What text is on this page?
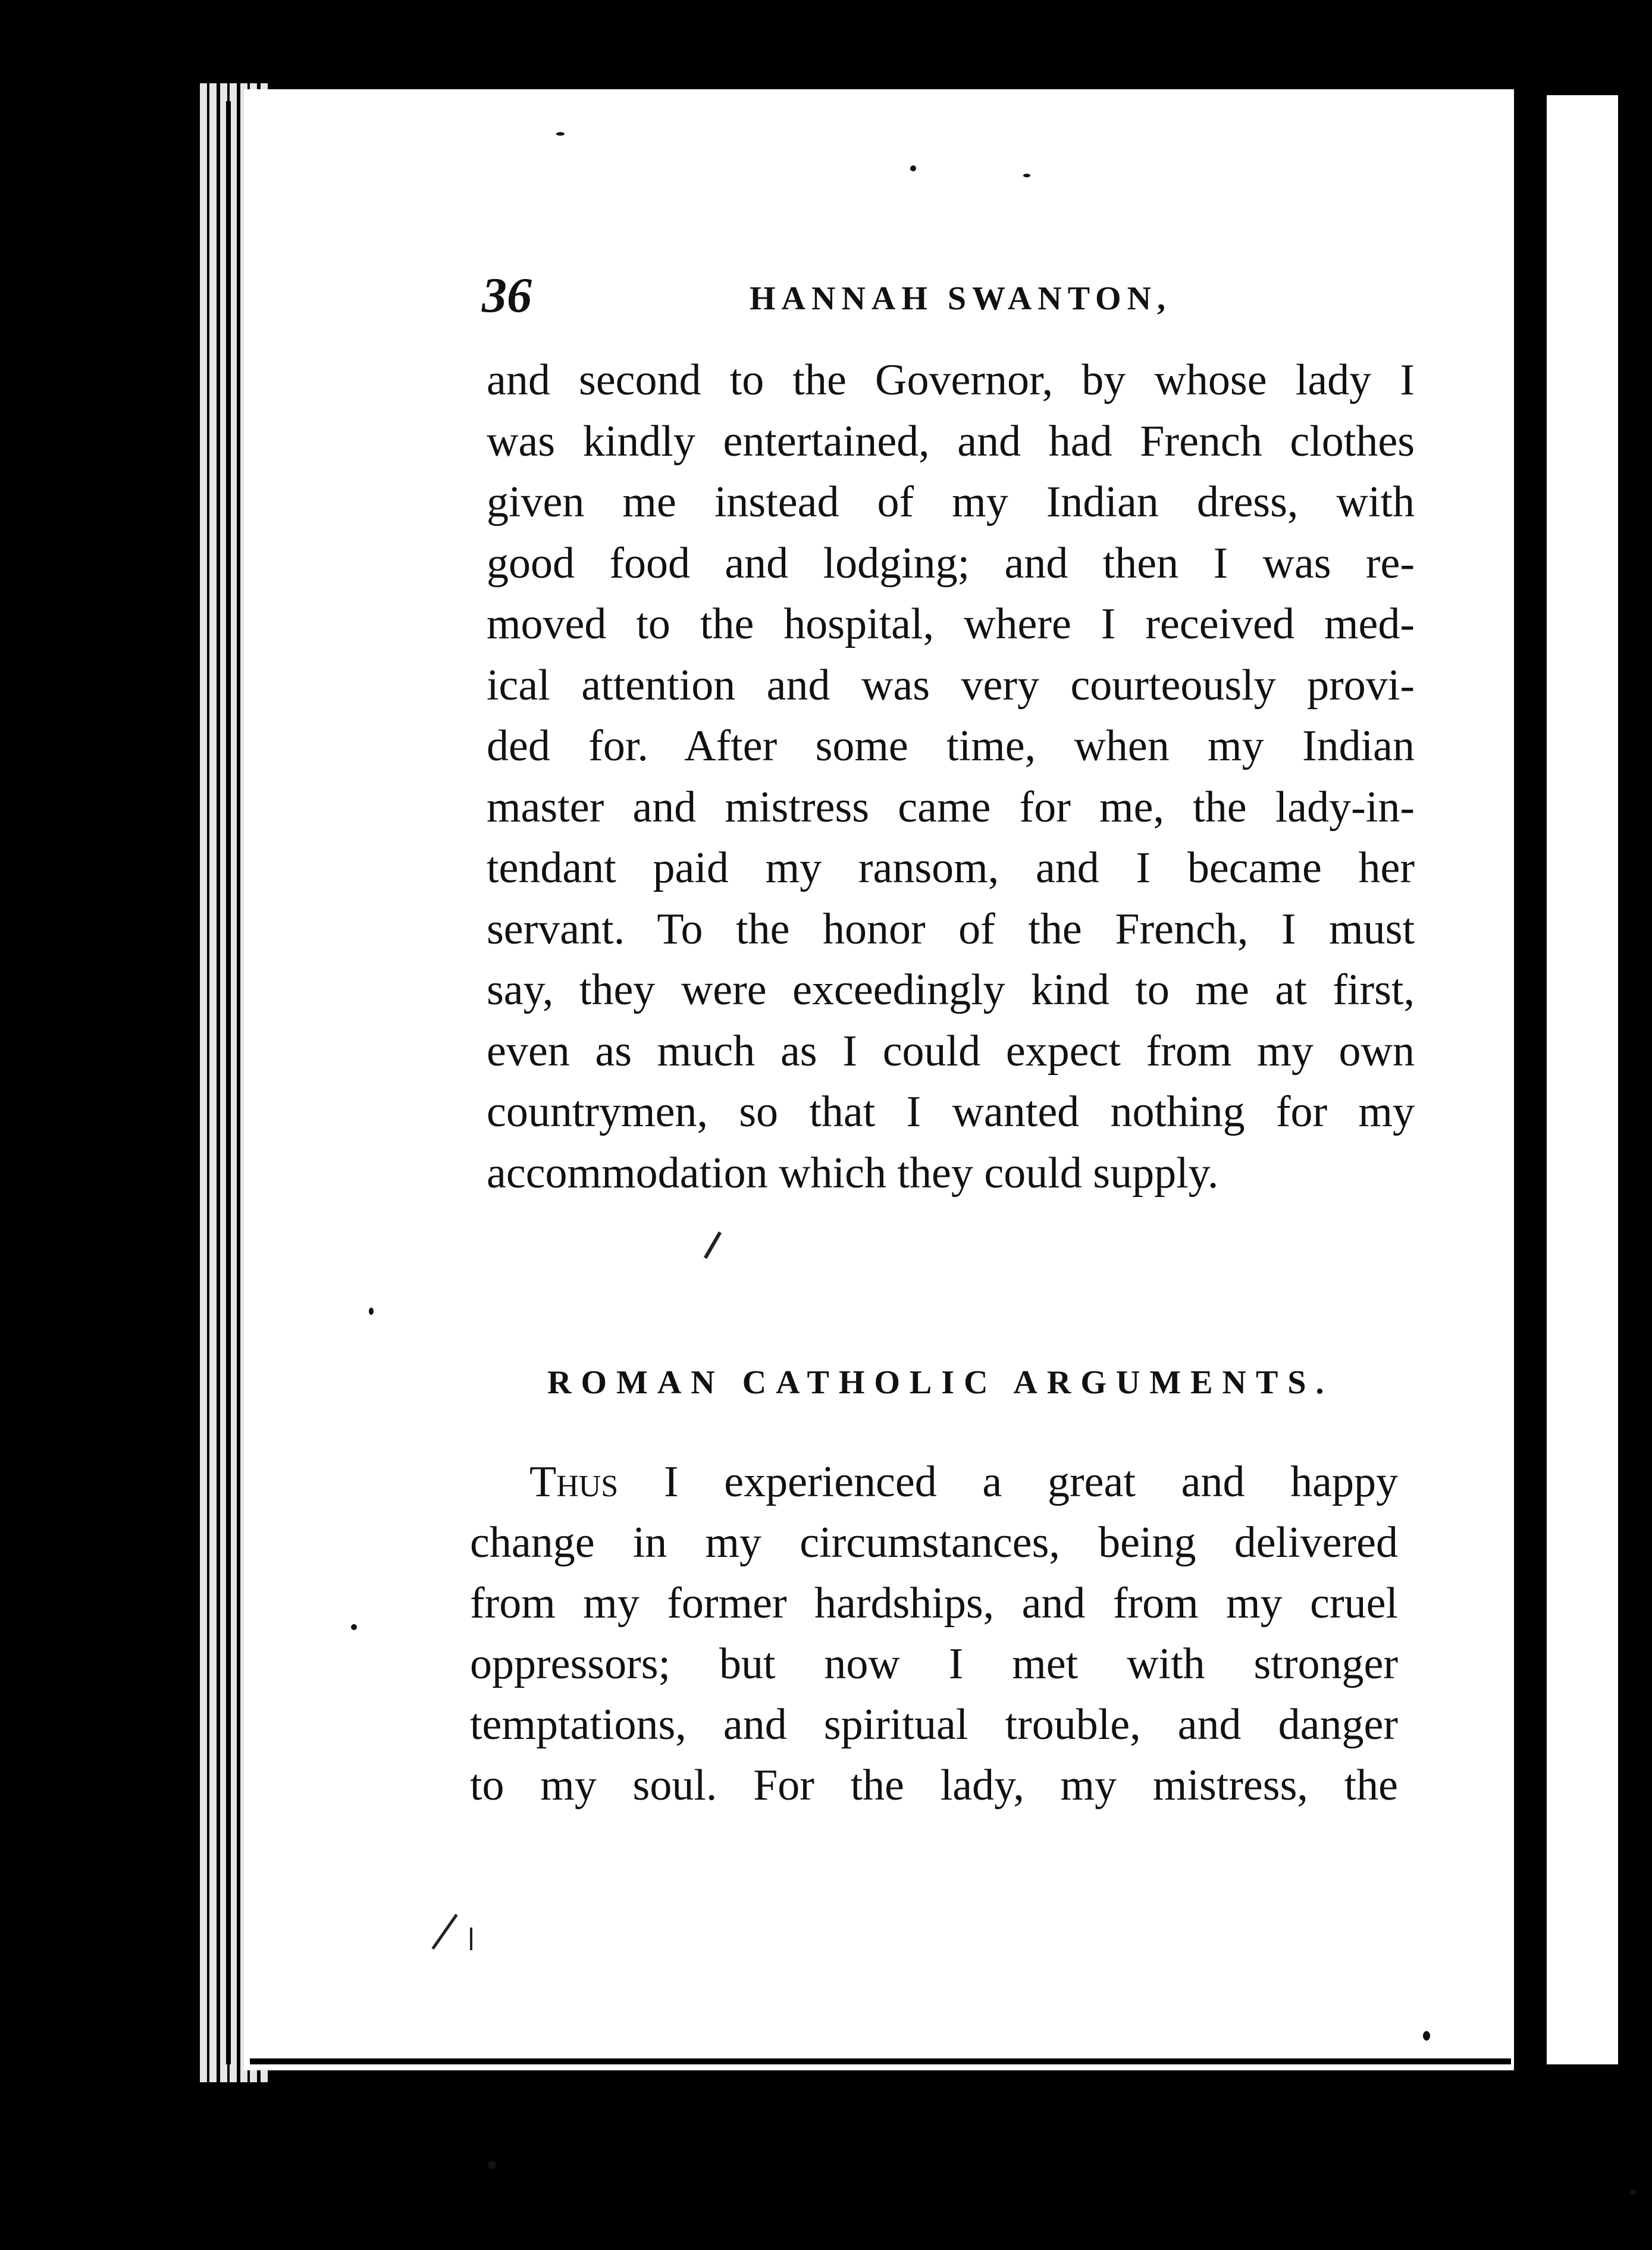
36	HANNAH SWANTON,
and second to the Governor, by whose lady I
was kindly entertained, and had French clothes
given me instead of my Indian dress, with
good food and lodging; and then I was re-
moved to the hospital, where I received med-
ical attention and was very courteously provi-
ded for. After some time, when my Indian
master and mistress came for me, the lady-in-
tendant paid my ransom, and I became her
servant. To the honor of the French, I must
say, they were exceedingly kind to me at first,
even as much as I could expect from my own
countrymen, so that I wanted nothing for my
accommodation which they could supply.
ROMAN CATHOLIC ARGUMENTS.
Thus I experienced a great and happy
change in my circumstances, being delivered
from my former hardships, and from my cruel
oppressors; but now I met with stronger
temptations, and spiritual trouble, and danger
to my soul. For the lady, my mistress, the
